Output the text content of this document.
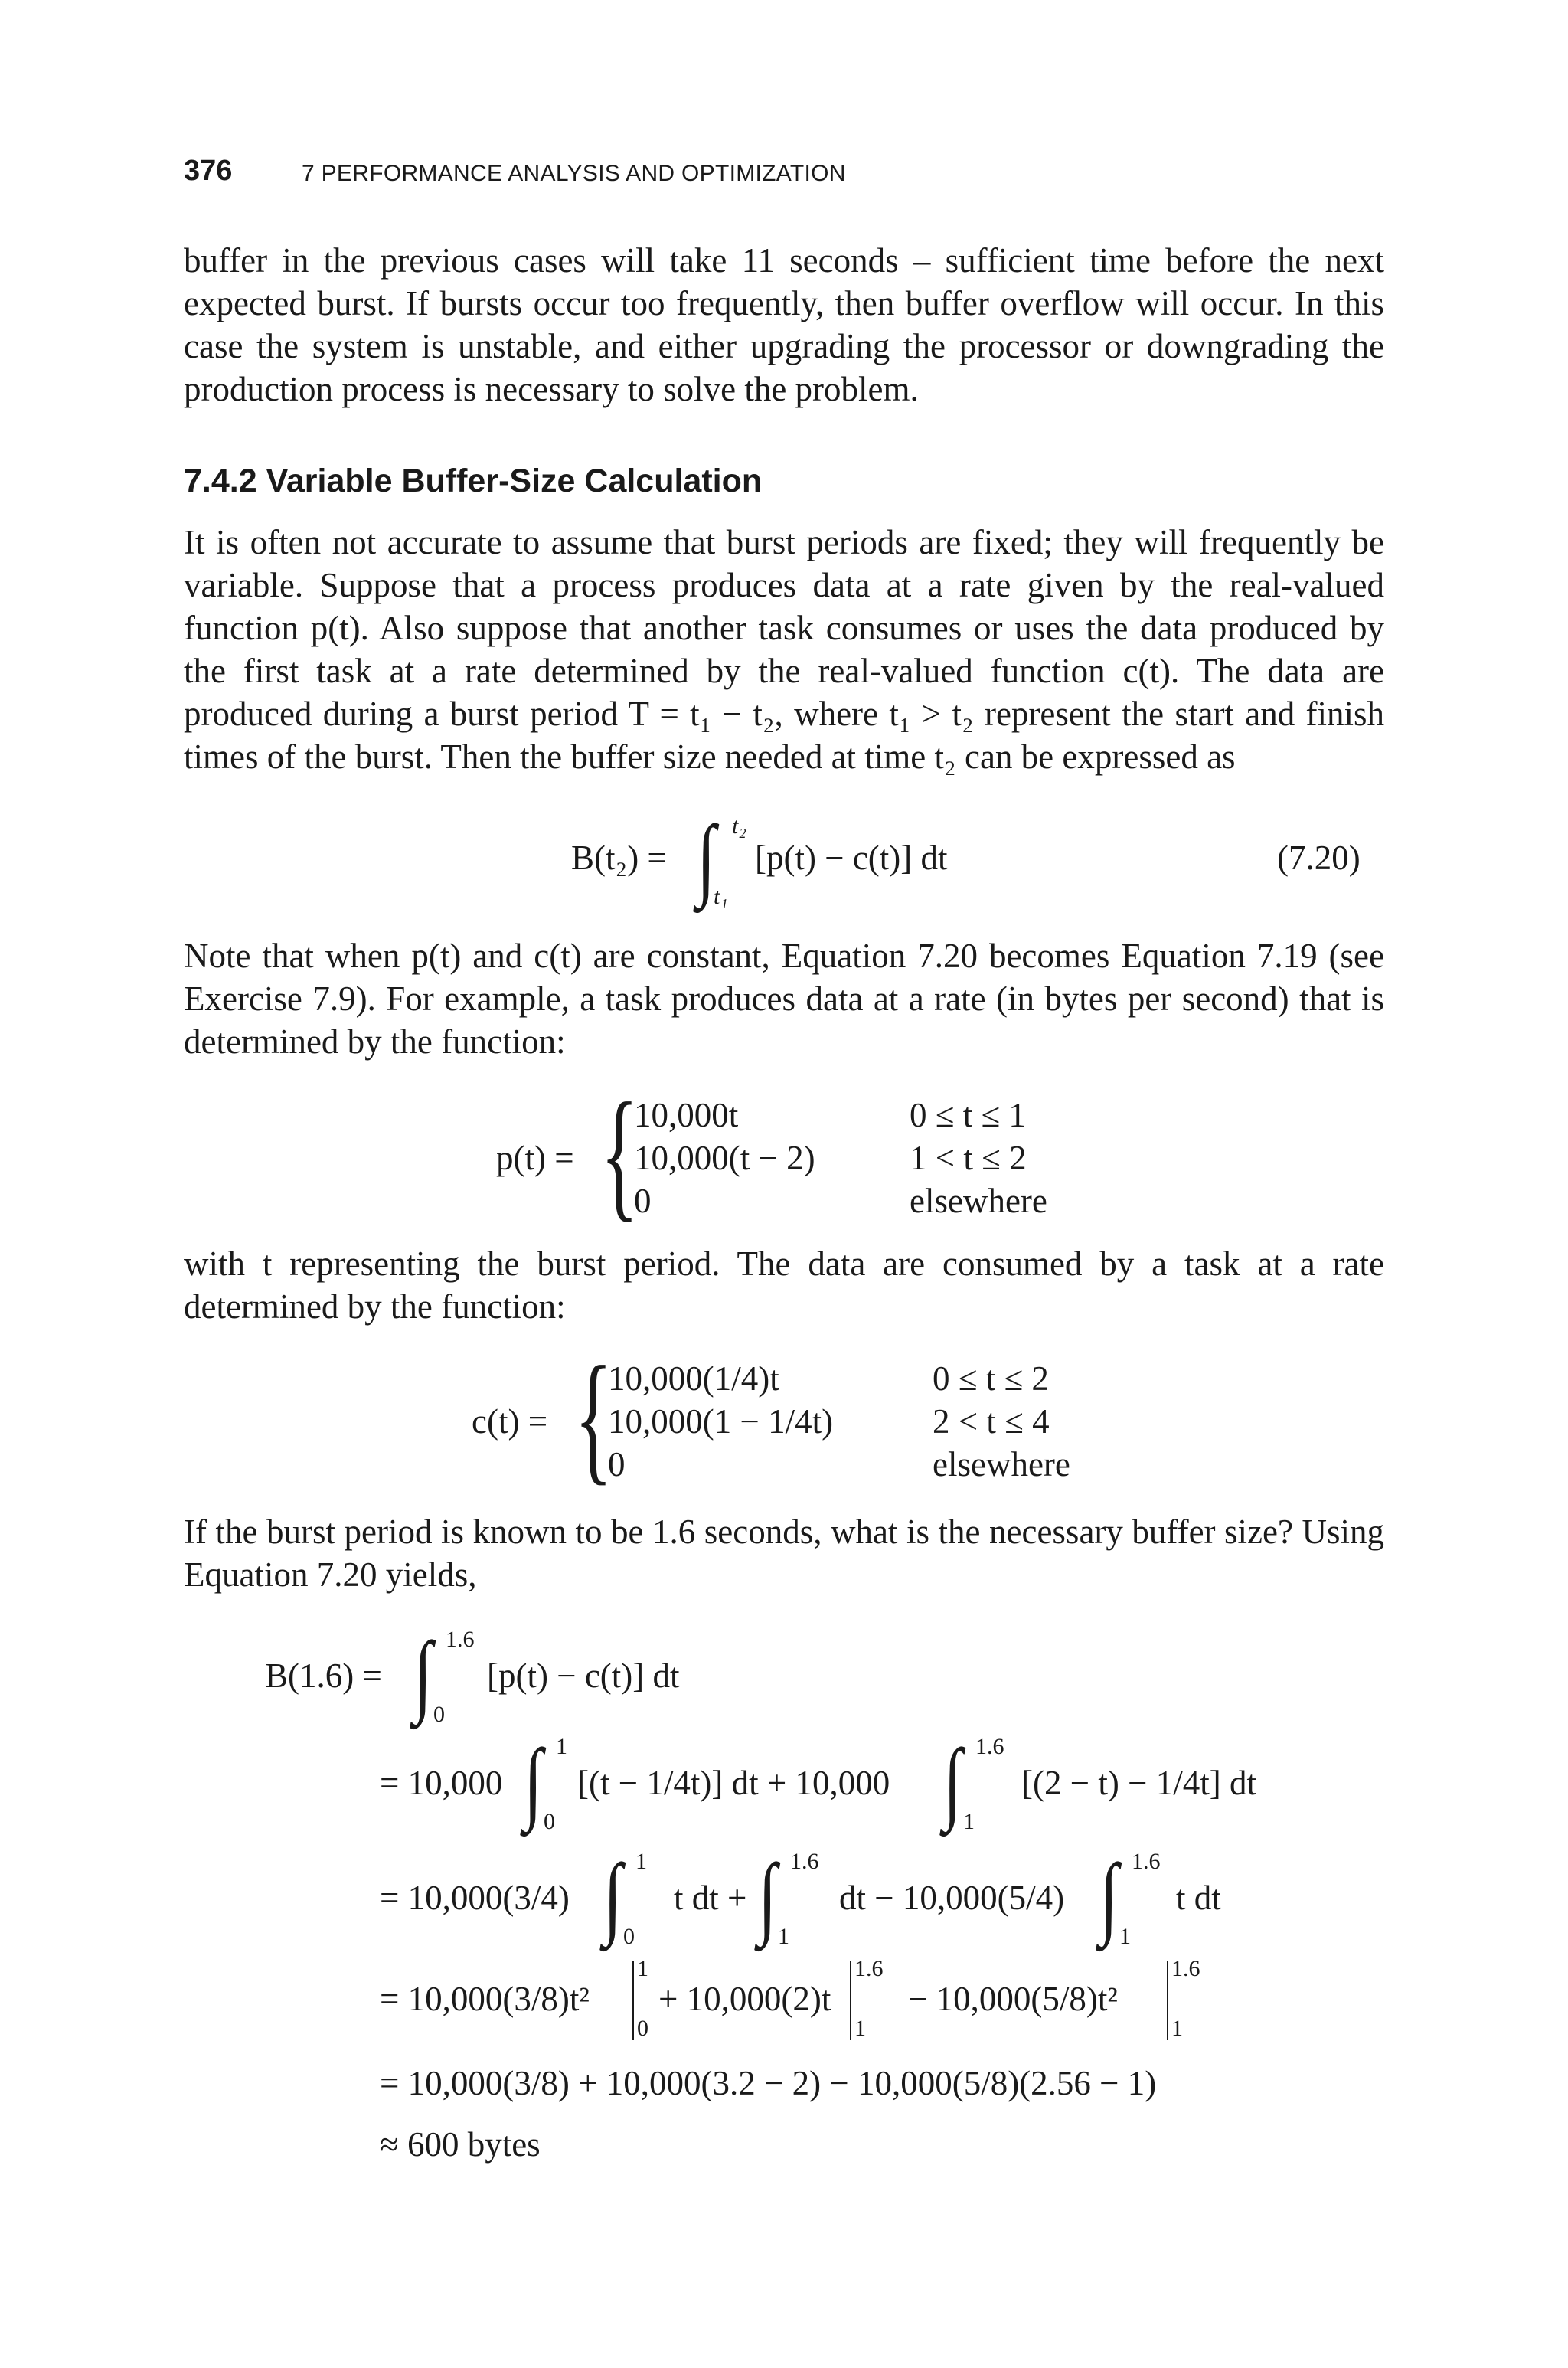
376	7 PERFORMANCE ANALYSIS AND OPTIMIZATION
buffer in the previous cases will take 11 seconds – sufficient time before the next expected burst. If bursts occur too frequently, then buffer overflow will occur. In this case the system is unstable, and either upgrading the processor or downgrading the production process is necessary to solve the problem.
7.4.2 Variable Buffer-Size Calculation
It is often not accurate to assume that burst periods are fixed; they will frequently be variable. Suppose that a process produces data at a rate given by the real-valued function p(t). Also suppose that another task consumes or uses the data produced by the first task at a rate determined by the real-valued function c(t). The data are produced during a burst period T = t₁ − t₂, where t₁ > t₂ represent the start and finish times of the burst. Then the buffer size needed at time t₂ can be expressed as
B(t₂) = ∫ t₂
t₁
[p(t) − c(t)] dt	(7.20)
Note that when p(t) and c(t) are constant, Equation 7.20 becomes Equation 7.19 (see Exercise 7.9). For example, a task produces data at a rate (in bytes per second) that is determined by the function:
p(t) = {
10,000t	0 ≤ t ≤ 1
10,000(t − 2)	1 < t ≤ 2
0	elsewhere
with t representing the burst period. The data are consumed by a task at a rate determined by the function:
c(t) = {
10,000(1/4)t	0 ≤ t ≤ 2
10,000(1 − 1/4t)	2 < t ≤ 4
0	elsewhere
If the burst period is known to be 1.6 seconds, what is the necessary buffer size? Using Equation 7.20 yields,
B(1.6) = ∫ 1.6
0
[p(t) − c(t)] dt
= 10,000 ∫ 1
0
[(t − 1/4t)] dt + 10,000 ∫ 1.6
1
[(2 − t) − 1/4t] dt
= 10,000(3/4) ∫ 1
0
t dt + ∫ 1.6
1
dt − 10,000(5/4) ∫ 1.6
1
t dt
= 10,000(3/8)t²
1
0
+ 10,000(2)t
1.6
1
− 10,000(5/8)t²
1.6
1
= 10,000(3/8) + 10,000(3.2 − 2) − 10,000(5/8)(2.56 − 1)
≈ 600 bytes
